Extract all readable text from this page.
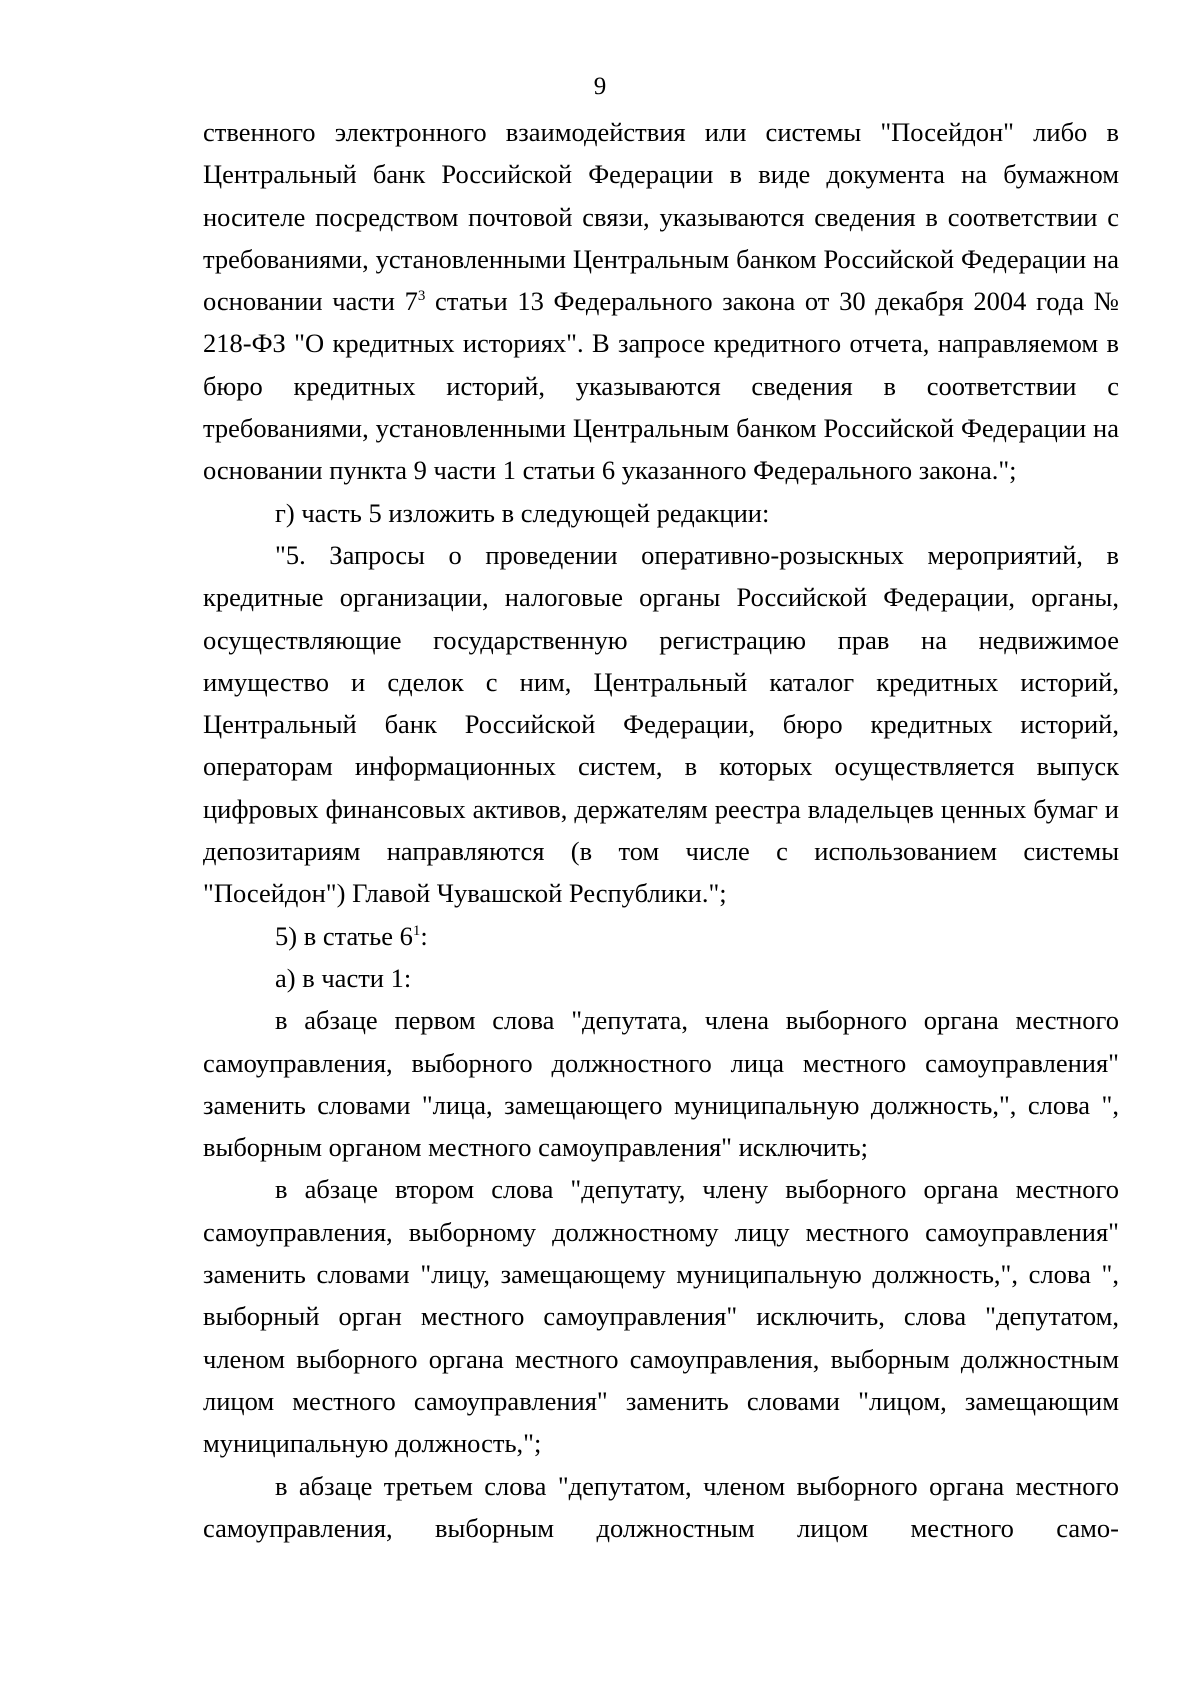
9

ственного электронного взаимодействия или системы "Посейдон" либо в Центральный банк Российской Федерации в виде документа на бумажном носителе посредством почтовой связи, указываются сведения в соответствии с требованиями, установленными Центральным банком Российской Федерации на основании части $7^3$ статьи 13 Федерального закона от 30 декабря 2004 года № 218-ФЗ "О кредитных историях". В запросе кредитного отчета, направляемом в бюро кредитных историй, указываются сведения в соответствии с требованиями, установленными Центральным банком Российской Федерации на основании пункта 9 части 1 статьи 6 указанного Федерального закона.";

г) часть 5 изложить в следующей редакции:

"5. Запросы о проведении оперативно-розыскных мероприятий, в кредитные организации, налоговые органы Российской Федерации, органы, осуществляющие государственную регистрацию прав на недвижимое имущество и сделок с ним, Центральный каталог кредитных историй, Центральный банк Российской Федерации, бюро кредитных историй, операторам информационных систем, в которых осуществляется выпуск цифровых финансовых активов, держателям реестра владельцев ценных бумаг и депозитариям направляются (в том числе с использованием системы "Посейдон") Главой Чувашской Республики.";

5) в статье $6^1$:

а) в части 1:

в абзаце первом слова "депутата, члена выборного органа местного самоуправления, выборного должностного лица местного самоуправления" заменить словами "лица, замещающего муниципальную должность,", слова ", выборным органом местного самоуправления" исключить;

в абзаце втором слова "депутату, члену выборного органа местного самоуправления, выборному должностному лицу местного самоуправления" заменить словами "лицу, замещающему муниципальную должность,", слова ", выборный орган местного самоуправления" исключить, слова "депутатом, членом выборного органа местного самоуправления, выборным должностным лицом местного самоуправления" заменить словами "лицом, замещающим муниципальную должность,";

в абзаце третьем слова "депутатом, членом выборного органа местного самоуправления, выборным должностным лицом местного само-
